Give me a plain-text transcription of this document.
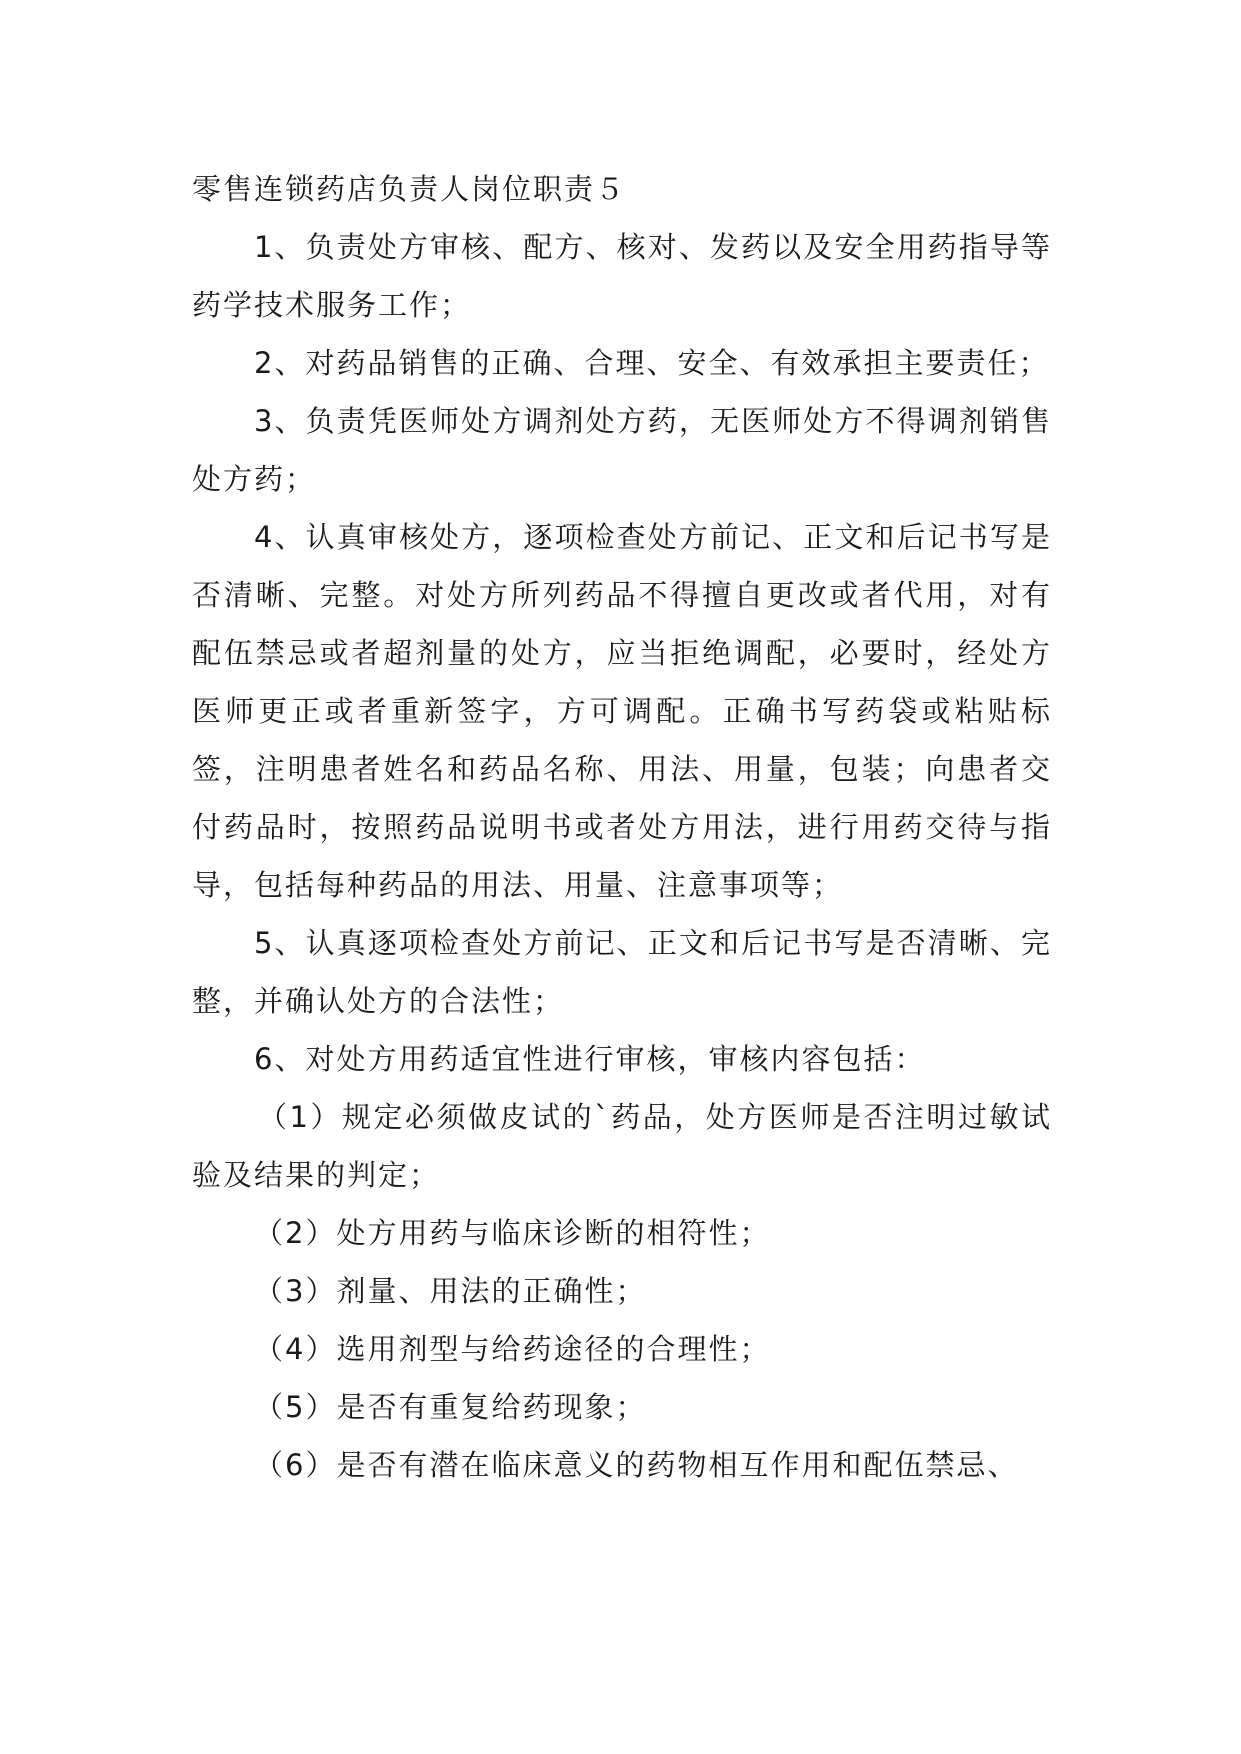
零售连锁药店负责人岗位职责５

1、负责处方审核、配方、核对、发药以及安全用药指导等药学技术服务工作；

2、对药品销售的正确、合理、安全、有效承担主要责任；

3、负责凭医师处方调剂处方药，无医师处方不得调剂销售处方药；

4、认真审核处方，逐项检查处方前记、正文和后记书写是否清晰、完整。对处方所列药品不得擅自更改或者代用，对有配伍禁忌或者超剂量的处方，应当拒绝调配，必要时，经处方医师更正或者重新签字，方可调配。正确书写药袋或粘贴标签，注明患者姓名和药品名称、用法、用量，包装；向患者交付药品时，按照药品说明书或者处方用法，进行用药交待与指导，包括每种药品的用法、用量、注意事项等；

5、认真逐项检查处方前记、正文和后记书写是否清晰、完整，并确认处方的合法性；

6、对处方用药适宜性进行审核，审核内容包括：

（1）规定必须做皮试的`药品，处方医师是否注明过敏试验及结果的判定；

（2）处方用药与临床诊断的相符性；

（3）剂量、用法的正确性；

（4）选用剂型与给药途径的合理性；

（5）是否有重复给药现象；

（6）是否有潜在临床意义的药物相互作用和配伍禁忌、
